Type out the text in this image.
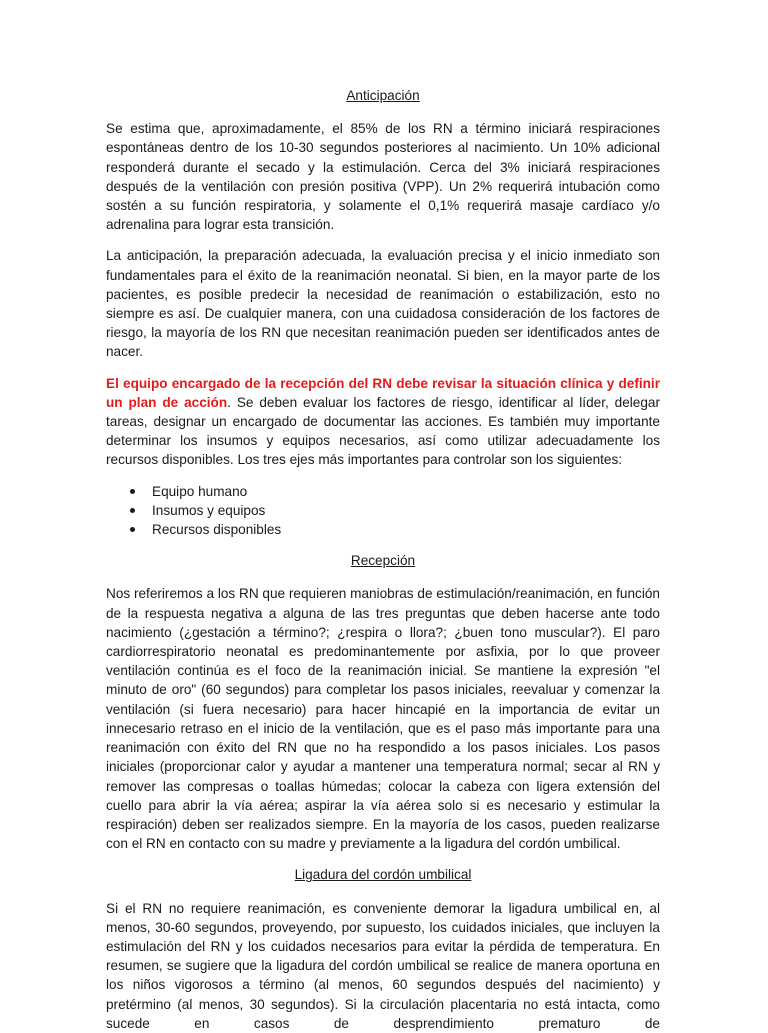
Anticipación

Se estima que, aproximadamente, el 85% de los RN a término iniciará respiraciones espontáneas dentro de los 10-30 segundos posteriores al nacimiento. Un 10% adicional responderá durante el secado y la estimulación. Cerca del 3% iniciará respiraciones después de la ventilación con presión positiva (VPP). Un 2% requerirá intubación como sostén a su función respiratoria, y solamente el 0,1% requerirá masaje cardíaco y/o adrenalina para lograr esta transición.

La anticipación, la preparación adecuada, la evaluación precisa y el inicio inmediato son fundamentales para el éxito de la reanimación neonatal. Si bien, en la mayor parte de los pacientes, es posible predecir la necesidad de reanimación o estabilización, esto no siempre es así. De cualquier manera, con una cuidadosa consideración de los factores de riesgo, la mayoría de los RN que necesitan reanimación pueden ser identificados antes de nacer.

El equipo encargado de la recepción del RN debe revisar la situación clínica y definir un plan de acción. Se deben evaluar los factores de riesgo, identificar al líder, delegar tareas, designar un encargado de documentar las acciones. Es también muy importante determinar los insumos y equipos necesarios, así como utilizar adecuadamente los recursos disponibles. Los tres ejes más importantes para controlar son los siguientes:

Equipo humano
Insumos y equipos
Recursos disponibles
Recepción

Nos referiremos a los RN que requieren maniobras de estimulación/reanimación, en función de la respuesta negativa a alguna de las tres preguntas que deben hacerse ante todo nacimiento (¿gestación a término?; ¿respira o llora?; ¿buen tono muscular?). El paro cardiorrespiratorio neonatal es predominantemente por asfixia, por lo que proveer ventilación continúa es el foco de la reanimación inicial. Se mantiene la expresión "el minuto de oro" (60 segundos) para completar los pasos iniciales, reevaluar y comenzar la ventilación (si fuera necesario) para hacer hincapié en la importancia de evitar un innecesario retraso en el inicio de la ventilación, que es el paso más importante para una reanimación con éxito del RN que no ha respondido a los pasos iniciales. Los pasos iniciales (proporcionar calor y ayudar a mantener una temperatura normal; secar al RN y remover las compresas o toallas húmedas; colocar la cabeza con ligera extensión del cuello para abrir la vía aérea; aspirar la vía aérea solo si es necesario y estimular la respiración) deben ser realizados siempre. En la mayoría de los casos, pueden realizarse con el RN en contacto con su madre y previamente a la ligadura del cordón umbilical.

Ligadura del cordón umbilical

Si el RN no requiere reanimación, es conveniente demorar la ligadura umbilical en, al menos, 30-60 segundos, proveyendo, por supuesto, los cuidados iniciales, que incluyen la estimulación del RN y los cuidados necesarios para evitar la pérdida de temperatura. En resumen, se sugiere que la ligadura del cordón umbilical se realice de manera oportuna en los niños vigorosos a término (al menos, 60 segundos después del nacimiento) y pretérmino (al menos, 30 segundos). Si la circulación placentaria no está intacta, como sucede en casos de desprendimiento prematuro de
